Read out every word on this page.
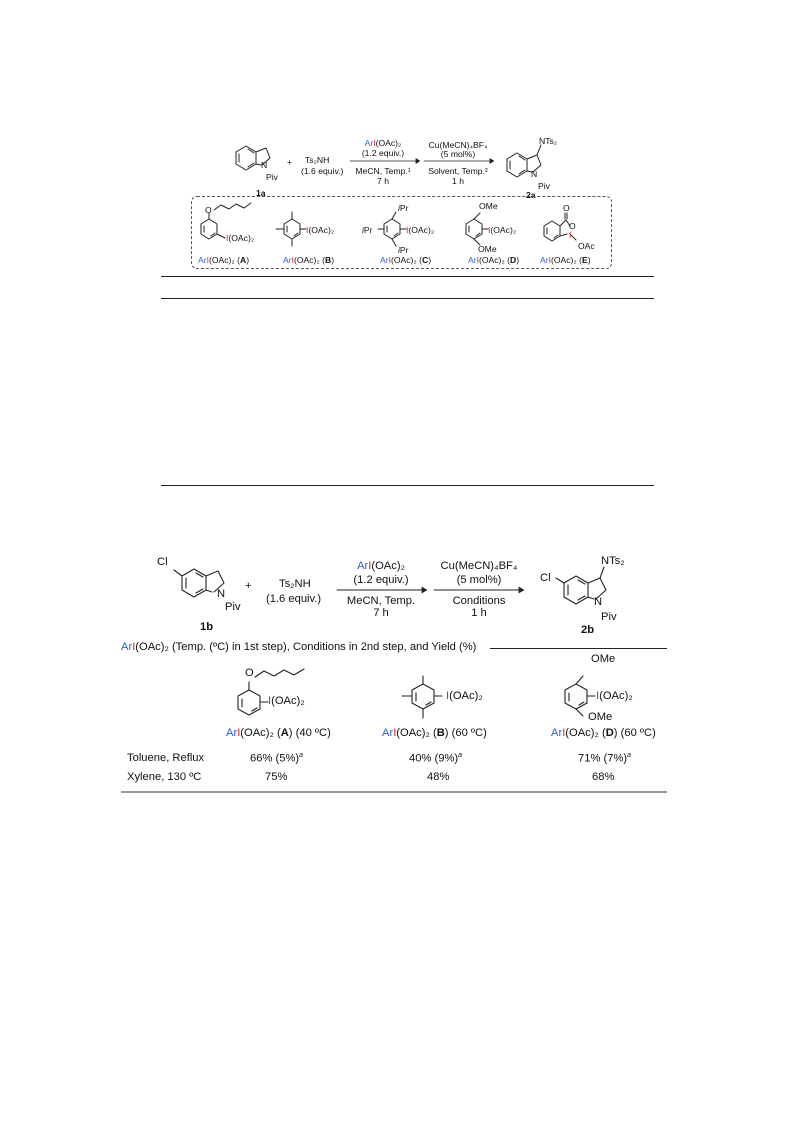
N
Piv
1a
+ Ts₂NH
(1.6 equiv.)
ArI(OAc)₂
(1.2 equiv.)
MeCN, Temp.¹
7 h
Cu(MeCN)₄BF₄
(5 mol%)
Solvent, Temp.²
1 h
NTs₂
N
Piv
2a
O
I(OAc)₂
ArI(OAc)₂ (A)
I(OAc)₂
ArI(OAc)₂ (B)
iPr
iPr
iPr
I(OAc)₂
ArI(OAc)₂ (C)
OMe
I(OAc)₂
OMe
ArI(OAc)₂ (D)
O
O
I
OAc
ArI(OAc)₂ (E)
Cl
N
Piv
1b
+ Ts₂NH
(1.6 equiv.)
ArI(OAc)₂
(1.2 equiv.)
MeCN, Temp.
7 h
Cu(MeCN)₄BF₄
(5 mol%)
Conditions
1 h
NTs₂
Cl
N
Piv
2b
ArI(OAc)₂ (Temp. (ºC) in 1st step), Conditions in 2nd step, and Yield (%)
O
I(OAc)₂
ArI(OAc)₂ (A) (40 ºC)
I(OAc)₂
ArI(OAc)₂ (B) (60 ºC)
OMe
I(OAc)₂
OMe
ArI(OAc)₂ (D) (60 ºC)
Toluene, Reflux	66% $(5\%)^a$	40% $(9\%)^a$	71% $(7\%)^a$
Xylene, 130 ºC	75%	48%	68%
